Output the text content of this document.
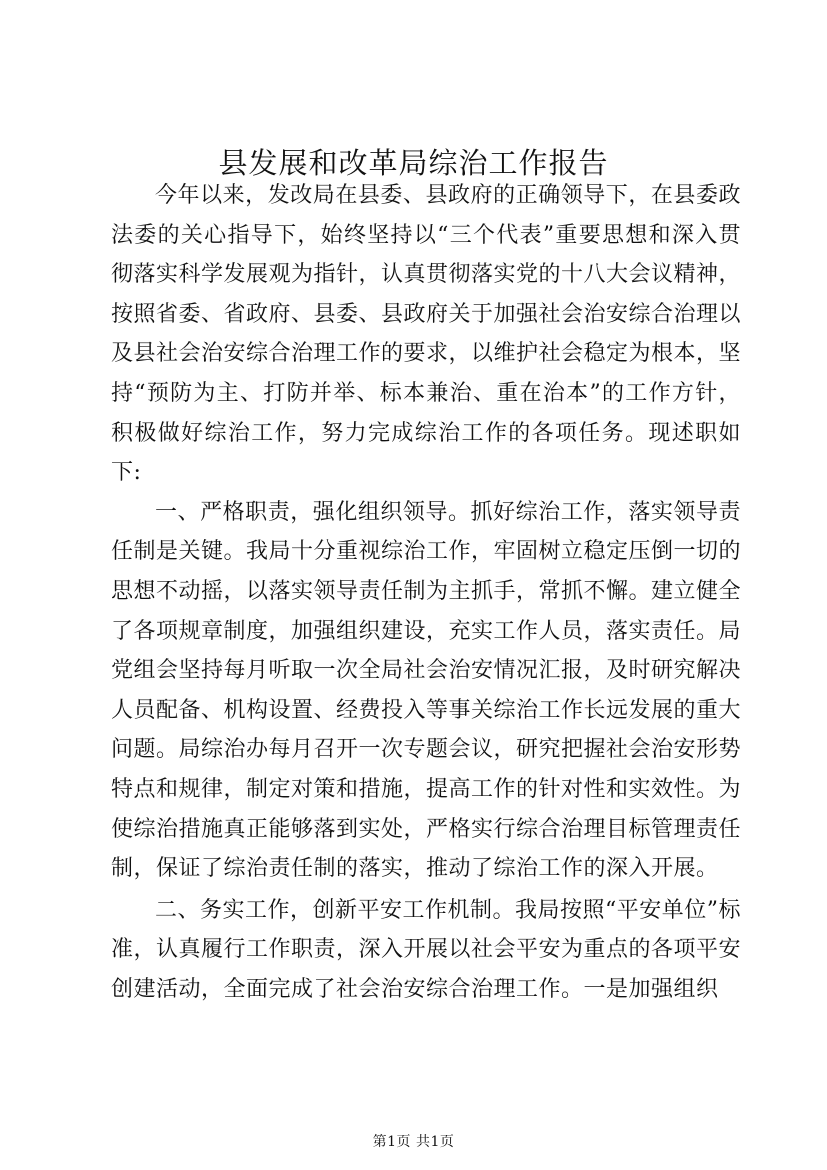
县发展和改革局综治工作报告

今年以来，发改局在县委、县政府的正确领导下，在县委政法委的关心指导下，始终坚持以“三个代表”重要思想和深入贯彻落实科学发展观为指针，认真贯彻落实党的十八大会议精神，按照省委、省政府、县委、县政府关于加强社会治安综合治理以及县社会治安综合治理工作的要求，以维护社会稳定为根本，坚持“预防为主、打防并举、标本兼治、重在治本”的工作方针，积极做好综治工作，努力完成综治工作的各项任务。现述职如下:

一、严格职责，强化组织领导。抓好综治工作，落实领导责任制是关键。我局十分重视综治工作，牢固树立稳定压倒一切的思想不动摇，以落实领导责任制为主抓手，常抓不懈。建立健全了各项规章制度，加强组织建设，充实工作人员，落实责任。局党组会坚持每月听取一次全局社会治安情况汇报，及时研究解决人员配备、机构设置、经费投入等事关综治工作长远发展的重大问题。局综治办每月召开一次专题会议，研究把握社会治安形势特点和规律，制定对策和措施，提高工作的针对性和实效性。为使综治措施真正能够落到实处，严格实行综合治理目标管理责任制，保证了综治责任制的落实，推动了综治工作的深入开展。

二、务实工作，创新平安工作机制。我局按照“平安单位”标准，认真履行工作职责，深入开展以社会平安为重点的各项平安创建活动，全面完成了社会治安综合治理工作。一是加强组织

第1页 共1页
